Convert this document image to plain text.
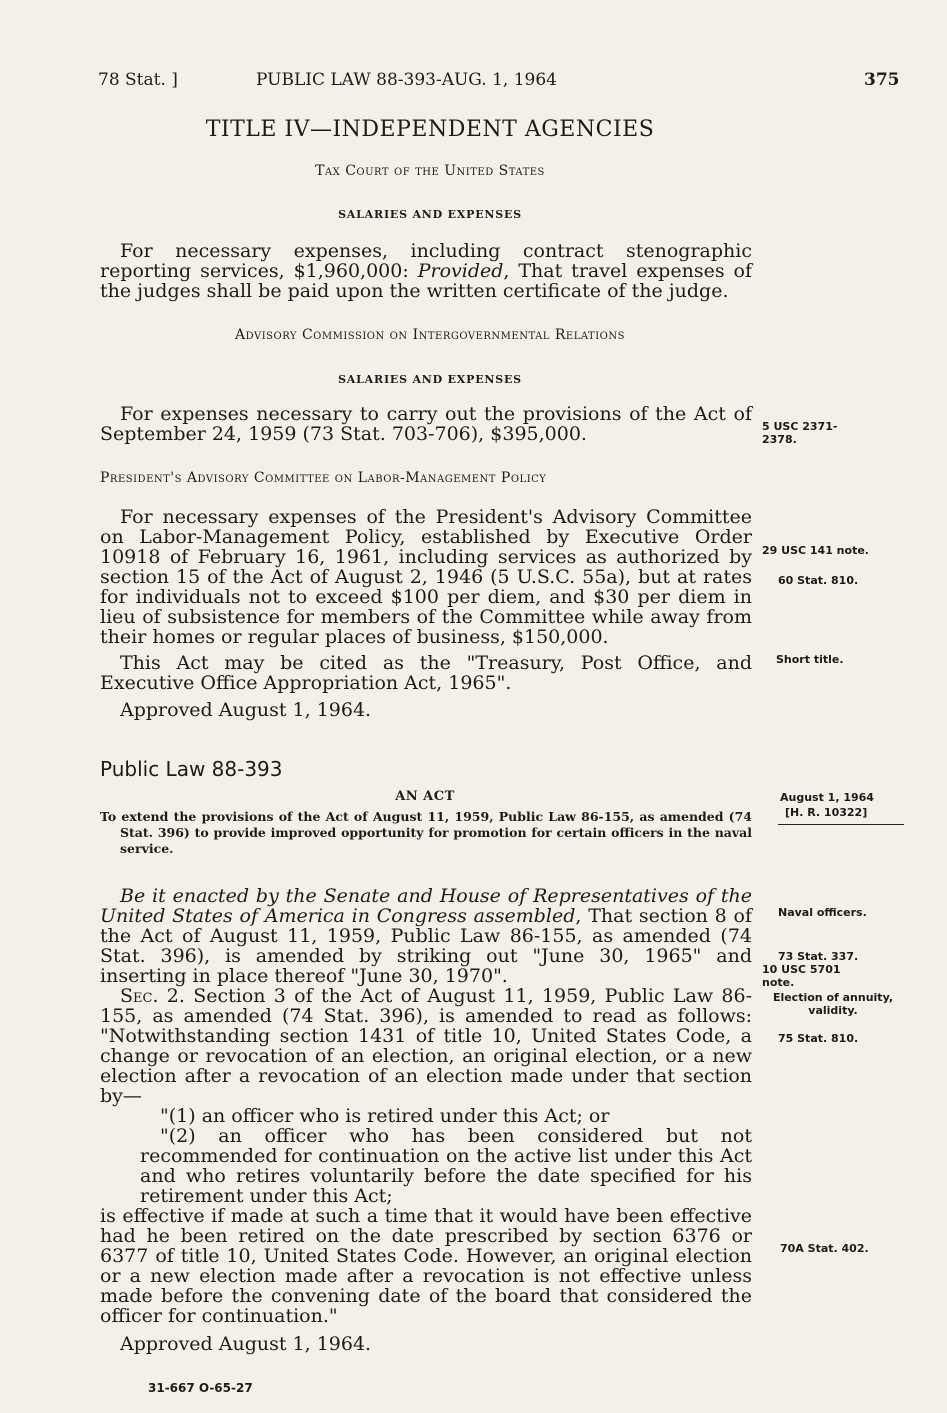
78 Stat. ]	PUBLIC LAW 88-393-AUG. 1, 1964	375
TITLE IV—INDEPENDENT AGENCIES
Tax Court of the United States
SALARIES AND EXPENSES

For necessary expenses, including contract stenographic reporting services, $1,960,000: Provided, That travel expenses of the judges shall be paid upon the written certificate of the judge.

Advisory Commission on Intergovernmental Relations
SALARIES AND EXPENSES

For expenses necessary to carry out the provisions of the Act of September 24, 1959 (73 Stat. 703-706), $395,000.	5 USC 2371-2378.
President's Advisory Committee on Labor-Management Policy

For necessary expenses of the President's Advisory Committee on Labor-Management Policy, established by Executive Order 10918 of February 16, 1961, including services as authorized by section 15 of the Act of August 2, 1946 (5 U.S.C. 55a), but at rates for individuals not to exceed $100 per diem, and $30 per diem in lieu of subsistence for members of the Committee while away from their homes or regular places of business, $150,000.

29 USC 141 note.
60 Stat. 810.

This Act may be cited as the "Treasury, Post Office, and Executive Office Appropriation Act, 1965".

Approved August 1, 1964.

Short title.
Public Law 88-393
AN ACT	August 1, 1964
[H. R. 10322]
To extend the provisions of the Act of August 11, 1959, Public Law 86-155, as amended (74 Stat. 396) to provide improved opportunity for promotion for certain officers in the naval service.

Be it enacted by the Senate and House of Representatives of the United States of America in Congress assembled, That section 8 of the Act of August 11, 1959, Public Law 86-155, as amended (74 Stat. 396), is amended by striking out "June 30, 1965" and inserting in place thereof "June 30, 1970".

Sec. 2. Section 3 of the Act of August 11, 1959, Public Law 86-155, as amended (74 Stat. 396), is amended to read as follows: "Notwithstanding section 1431 of title 10, United States Code, a change or revocation of an election, an original election, or a new election after a revocation of an election made under that section by—

"(1) an officer who is retired under this Act; or

"(2) an officer who has been considered but not recommended for continuation on the active list under this Act and who retires voluntarily before the date specified for his retirement under this Act;

is effective if made at such a time that it would have been effective had he been retired on the date prescribed by section 6376 or 6377 of title 10, United States Code. However, an original election or a new election made after a revocation is not effective unless made before the convening date of the board that considered the officer for continuation."

Approved August 1, 1964.

Naval officers.
73 Stat. 337.
10 USC 5701 note.
Election of annuity, validity.
75 Stat. 810.
70A Stat. 402.
31-667 O-65-27
